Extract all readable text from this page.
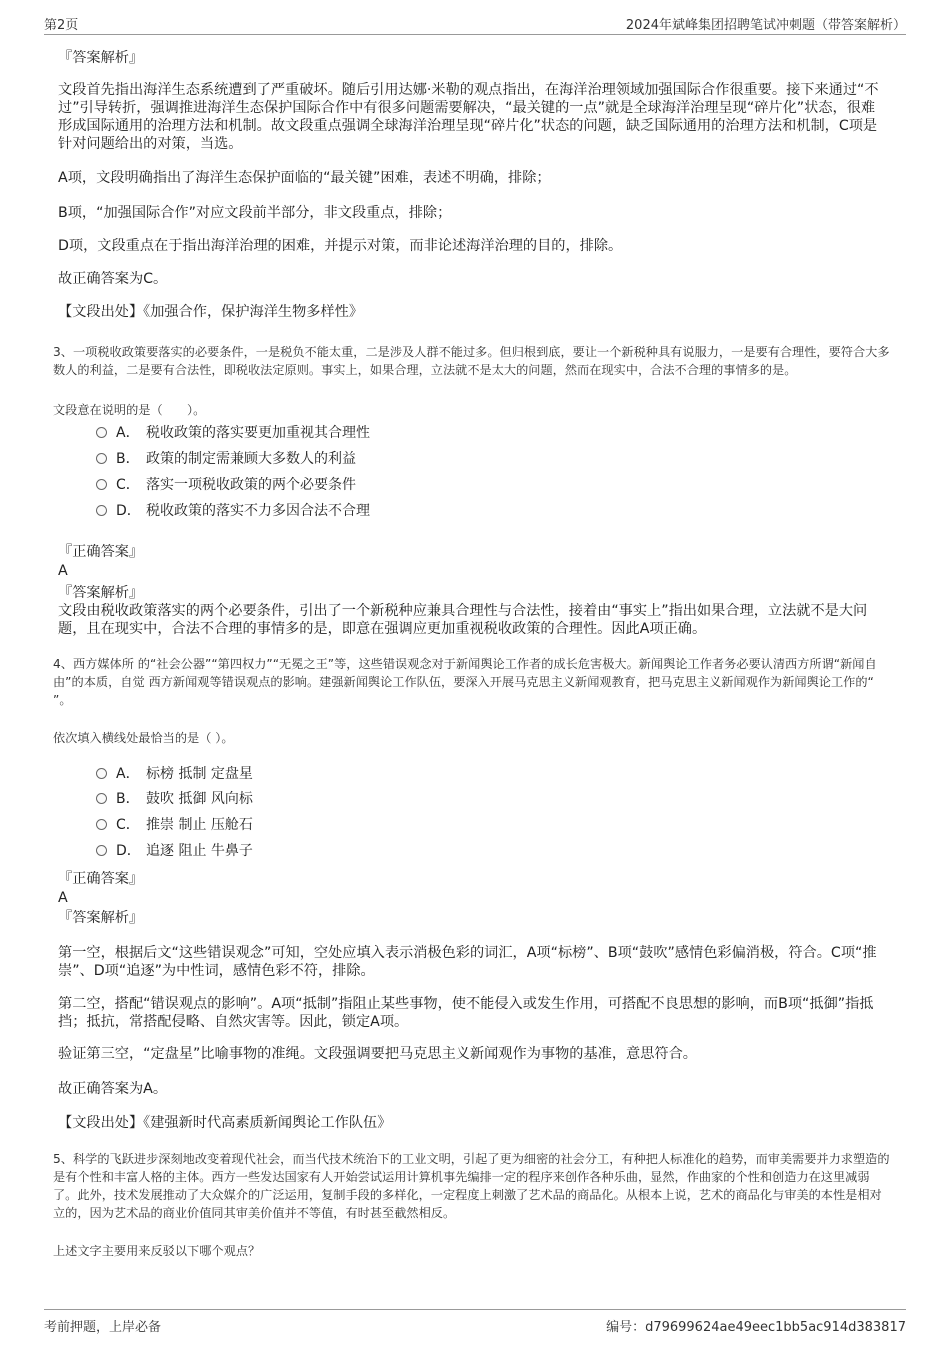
第2页	2024年斌峰集团招聘笔试冲刺题（带答案解析）

『答案解析』

文段首先指出海洋生态系统遭到了严重破坏。随后引用达娜·米勒的观点指出，在海洋治理领域加强国际合作很重要。接下来通过“不过”引导转折，强调推进海洋生态保护国际合作中有很多问题需要解决，“最关键的一点”就是全球海洋治理呈现“碎片化”状态，很难形成国际通用的治理方法和机制。故文段重点强调全球海洋治理呈现“碎片化”状态的问题，缺乏国际通用的治理方法和机制，C项是针对问题给出的对策，当选。

A项，文段明确指出了海洋生态保护面临的“最关键”困难，表述不明确，排除；

B项，“加强国际合作”对应文段前半部分，非文段重点，排除；

D项，文段重点在于指出海洋治理的困难，并提示对策，而非论述海洋治理的目的，排除。

故正确答案为C。

【文段出处】《加强合作，保护海洋生物多样性》

3、一项税收政策要落实的必要条件，一是税负不能太重，二是涉及人群不能过多。但归根到底，要让一个新税种具有说服力，一是要有合理性，要符合大多数人的利益，二是要有合法性，即税收法定原则。事实上，如果合理，立法就不是太大的问题，然而在现实中，合法不合理的事情多的是。

文段意在说明的是（　　）。

A． 税收政策的落实要更加重视其合理性
B． 政策的制定需兼顾大多数人的利益
C． 落实一项税收政策的两个必要条件
D． 税收政策的落实不力多因合法不合理

『正确答案』

A

『答案解析』

文段由税收政策落实的两个必要条件，引出了一个新税种应兼具合理性与合法性，接着由“事实上”指出如果合理，立法就不是大问题，且在现实中，合法不合理的事情多的是，即意在强调应更加重视税收政策的合理性。因此A项正确。

4、西方媒体所 的“社会公器”“第四权力”“无冕之王”等，这些错误观念对于新闻舆论工作者的成长危害极大。新闻舆论工作者务必要认清西方所谓“新闻自由”的本质，自觉 西方新闻观等错误观点的影响。建强新闻舆论工作队伍，要深入开展马克思主义新闻观教育，把马克思主义新闻观作为新闻舆论工作的“ ”。

依次填入横线处最恰当的是（ ）。

A． 标榜 抵制 定盘星
B． 鼓吹 抵御 风向标
C． 推崇 制止 压舱石
D． 追逐 阻止 牛鼻子

『正确答案』

A

『答案解析』

第一空，根据后文“这些错误观念”可知，空处应填入表示消极色彩的词汇，A项“标榜”、B项“鼓吹”感情色彩偏消极，符合。C项“推崇”、D项“追逐”为中性词，感情色彩不符，排除。

第二空，搭配“错误观点的影响”。A项“抵制”指阻止某些事物，使不能侵入或发生作用，可搭配不良思想的影响，而B项“抵御”指抵挡；抵抗，常搭配侵略、自然灾害等。因此，锁定A项。

验证第三空，“定盘星”比喻事物的准绳。文段强调要把马克思主义新闻观作为事物的基准，意思符合。

故正确答案为A。

【文段出处】《建强新时代高素质新闻舆论工作队伍》

5、科学的飞跃进步深刻地改变着现代社会，而当代技术统治下的工业文明，引起了更为细密的社会分工，有种把人标准化的趋势，而审美需要并力求塑造的是有个性和丰富人格的主体。西方一些发达国家有人开始尝试运用计算机事先编排一定的程序来创作各种乐曲，显然，作曲家的个性和创造力在这里减弱了。此外，技术发展推动了大众媒介的广泛运用，复制手段的多样化，一定程度上刺激了艺术品的商品化。从根本上说，艺术的商品化与审美的本性是相对立的，因为艺术品的商业价值同其审美价值并不等值，有时甚至截然相反。

上述文字主要用来反驳以下哪个观点？

考前押题，上岸必备	编号：d79699624ae49eec1bb5ac914d383817
